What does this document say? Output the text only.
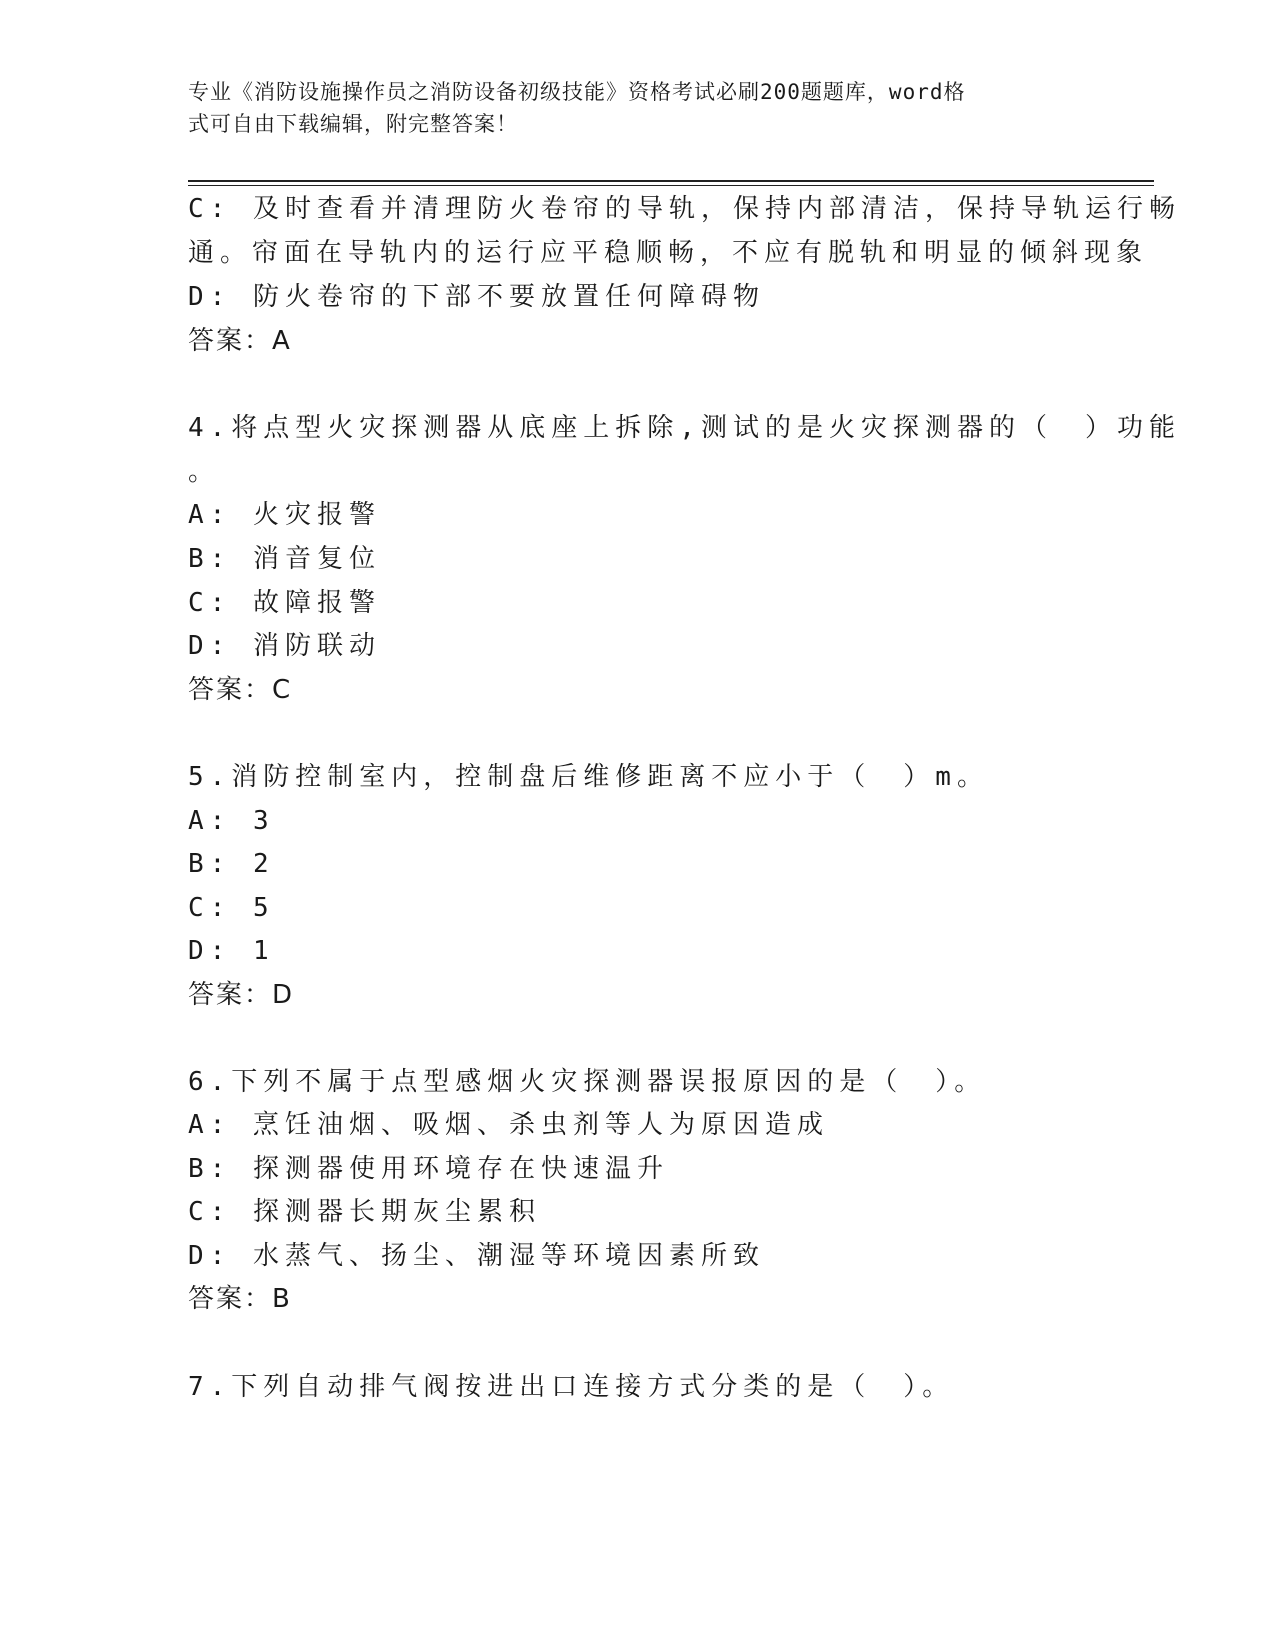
专业《消防设施操作员之消防设备初级技能》资格考试必刷200题题库，word格
式可自由下载编辑，附完整答案！
C: 及时查看并清理防火卷帘的导轨，保持内部清洁，保持导轨运行畅
通。帘面在导轨内的运行应平稳顺畅，不应有脱轨和明显的倾斜现象
D: 防火卷帘的下部不要放置任何障碍物
答案：A
4.将点型火灾探测器从底座上拆除,测试的是火灾探测器的（　）功能
。
A: 火灾报警
B: 消音复位
C: 故障报警
D: 消防联动
答案：C
5.消防控制室内，控制盘后维修距离不应小于（　）m。
A: 3
B: 2
C: 5
D: 1
答案：D
6.下列不属于点型感烟火灾探测器误报原因的是（　）。
A: 烹饪油烟、吸烟、杀虫剂等人为原因造成
B: 探测器使用环境存在快速温升
C: 探测器长期灰尘累积
D: 水蒸气、扬尘、潮湿等环境因素所致
答案：B
7.下列自动排气阀按进出口连接方式分类的是（　）。
